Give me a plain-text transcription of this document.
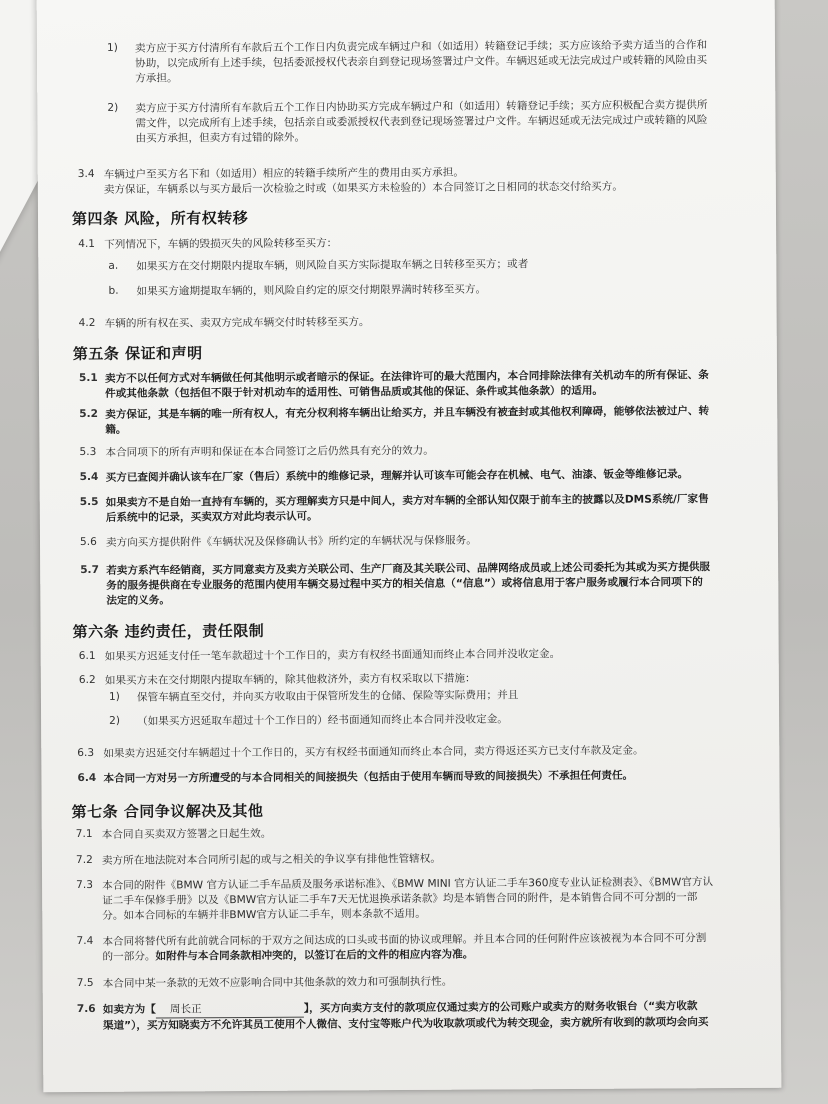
1) 卖方应于买方付清所有车款后五个工作日内负责完成车辆过户和（如适用）转籍登记手续；买方应该给予卖方适当的合作和
协助，以完成所有上述手续，包括委派授权代表亲自到登记现场签署过户文件。车辆迟延或无法完成过户或转籍的风险由买
方承担。
2) 卖方应于买方付清所有车款后五个工作日内协助买方完成车辆过户和（如适用）转籍登记手续；买方应积极配合卖方提供所
需文件，以完成所有上述手续，包括亲自或委派授权代表到登记现场签署过户文件。车辆迟延或无法完成过户或转籍的风险
由买方承担，但卖方有过错的除外。
3.4 车辆过户至买方名下和（如适用）相应的转籍手续所产生的费用由买方承担。
卖方保证，车辆系以与买方最后一次检验之时或（如果买方未检验的）本合同签订之日相同的状态交付给买方。
第四条 风险，所有权转移
4.1 下列情况下，车辆的毁损灭失的风险转移至买方：
a. 如果买方在交付期限内提取车辆，则风险自买方实际提取车辆之日转移至买方；或者
b. 如果买方逾期提取车辆的，则风险自约定的原交付期限界满时转移至买方。
4.2 车辆的所有权在买、卖双方完成车辆交付时转移至买方。
第五条 保证和声明
5.1 卖方不以任何方式对车辆做任何其他明示或者暗示的保证。在法律许可的最大范围内，本合同排除法律有关机动车的所有保证、条
件或其他条款（包括但不限于针对机动车的适用性、可销售品质或其他的保证、条件或其他条款）的适用。
5.2 卖方保证，其是车辆的唯一所有权人，有充分权利将车辆出让给买方，并且车辆没有被查封或其他权利障碍，能够依法被过户、转
籍。
5.3 本合同项下的所有声明和保证在本合同签订之后仍然具有充分的效力。
5.4 买方已查阅并确认该车在厂家（售后）系统中的维修记录，理解并认可该车可能会存在机械、电气、油漆、钣金等维修记录。
5.5 如果卖方不是自始一直持有车辆的，买方理解卖方只是中间人，卖方对车辆的全部认知仅限于前车主的披露以及DMS系统/厂家售
后系统中的记录，买卖双方对此均表示认可。
5.6 卖方向买方提供附件《车辆状况及保修确认书》所约定的车辆状况与保修服务。
5.7 若卖方系汽车经销商，买方同意卖方及卖方关联公司、生产厂商及其关联公司、品牌网络成员或上述公司委托为其或为买方提供服
务的服务提供商在专业服务的范围内使用车辆交易过程中买方的相关信息（“信息”）或将信息用于客户服务或履行本合同项下的
法定的义务。
第六条 违约责任，责任限制
6.1 如果买方迟延支付任一笔车款超过十个工作日的，卖方有权经书面通知而终止本合同并没收定金。
6.2 如果买方未在交付期限内提取车辆的，除其他救济外，卖方有权采取以下措施：
1) 保管车辆直至交付，并向买方收取由于保管所发生的仓储、保险等实际费用；并且
2) （如果买方迟延取车超过十个工作日的）经书面通知而终止本合同并没收定金。
6.3 如果卖方迟延交付车辆超过十个工作日的，买方有权经书面通知而终止本合同，卖方得返还买方已支付车款及定金。
6.4 本合同一方对另一方所遭受的与本合同相关的间接损失（包括由于使用车辆而导致的间接损失）不承担任何责任。
第七条 合同争议解决及其他
7.1 本合同自买卖双方签署之日起生效。
7.2 卖方所在地法院对本合同所引起的或与之相关的争议享有排他性管辖权。
7.3 本合同的附件《BMW 官方认证二手车品质及服务承诺标准》、《BMW MINI 官方认证二手车360度专业认证检测表》、《BMW官方认
证二手车保修手册》以及《BMW官方认证二手车7天无忧退换承诺条款》均是本销售合同的附件，是本销售合同不可分割的一部
分。如本合同标的车辆并非BMW官方认证二手车，则本条款不适用。
7.4 本合同将替代所有此前就合同标的于双方之间达成的口头或书面的协议或理解。并且本合同的任何附件应该被视为本合同不可分割
的一部分。如附件与本合同条款相冲突的，以签订在后的文件的相应内容为准。
7.5 本合同中某一条款的无效不应影响合同中其他条款的效力和可强制执行性。
7.6 如卖方为【 周长正	】，买方向卖方支付的款项应仅通过卖方的公司账户或卖方的财务收银台（“卖方收款
渠道”），买方知晓卖方不允许其员工使用个人微信、支付宝等账户代为收取款项或代为转交现金，卖方就所有收到的款项均会向买
